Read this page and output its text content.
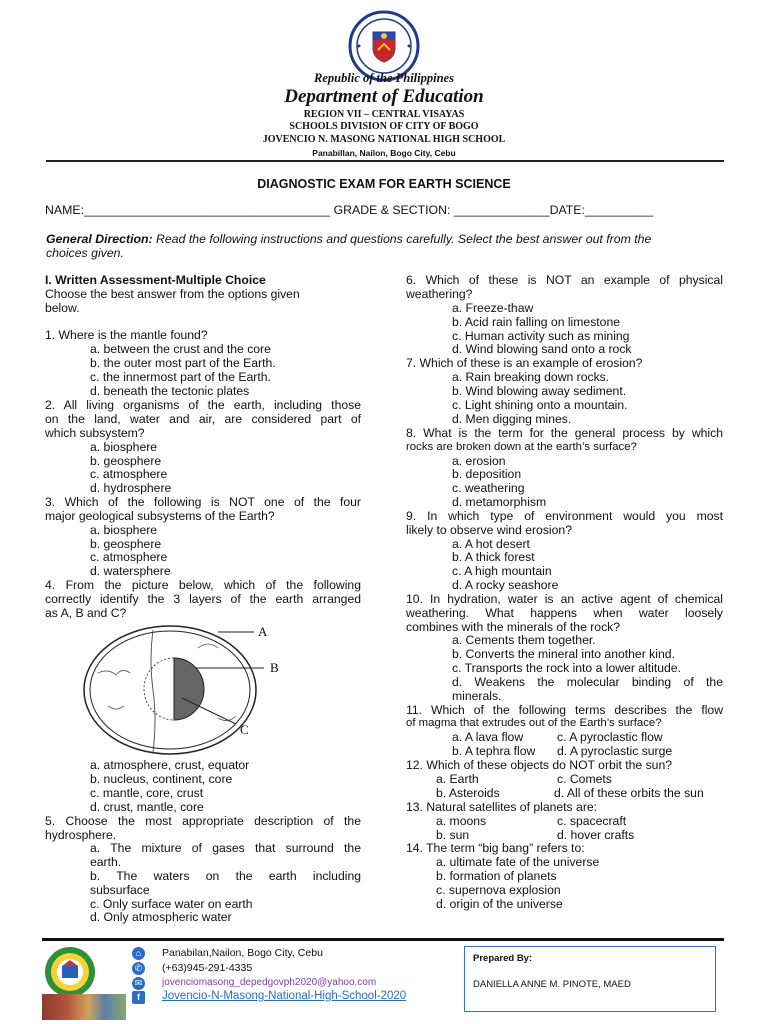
Republic of the Philippines
Department of Education
REGION VII – CENTRAL VISAYAS
SCHOOLS DIVISION OF CITY OF BOGO
JOVENCIO N. MASONG NATIONAL HIGH SCHOOL
Panabillan, Nailon, Bogo City, Cebu
DIAGNOSTIC EXAM FOR EARTH SCIENCE
NAME:____________________________________ GRADE & SECTION: ______________DATE:__________
General Direction: Read the following instructions and questions carefully. Select the best answer out from the
choices given.
I. Written Assessment-Multiple Choice
Choose the best answer from the options given
below.
1. Where is the mantle found?
a. between the crust and the core
b. the outer most part of the Earth.
c. the innermost part of the Earth.
d. beneath the tectonic plates
2. All living organisms of the earth, including those
on the land, water and air, are considered part of
which subsystem?
a. biosphere
b. geosphere
c. atmosphere
d. hydrosphere
3. Which of the following is NOT one of the four
major geological subsystems of the Earth?
a. biosphere
b. geosphere
c. atmosphere
d. watersphere
4. From the picture below, which of the following
correctly identify the 3 layers of the earth arranged
as A, B and C?
A
B
C
a. atmosphere, crust, equator
b. nucleus, continent, core
c. mantle, core, crust
d. crust, mantle, core
5. Choose the most appropriate description of the
hydrosphere.
a. The mixture of gases that surround the
earth.
b. The waters on the earth including
subsurface
c. Only surface water on earth
d. Only atmospheric water
6. Which of these is NOT an example of physical
weathering?
a. Freeze-thaw
b. Acid rain falling on limestone
c. Human activity such as mining
d. Wind blowing sand onto a rock
7. Which of these is an example of erosion?
a. Rain breaking down rocks.
b. Wind blowing away sediment.
c. Light shining onto a mountain.
d. Men digging mines.
8. What is the term for the general process by which
rocks are broken down at the earth’s surface?
a. erosion
b. deposition
c. weathering
d. metamorphism
9. In which type of environment would you most
likely to observe wind erosion?
a. A hot desert
b. A thick forest
c. A high mountain
d. A rocky seashore
10. In hydration, water is an active agent of chemical
weathering. What happens when water loosely
combines with the minerals of the rock?
a. Cements them together.
b. Converts the mineral into another kind.
c. Transports the rock into a lower altitude.
d. Weakens the molecular binding of the
minerals.
11. Which of the following terms describes the flow
of magma that extrudes out of the Earth’s surface?
a. A lava flow	c. A pyroclastic flow
b. A tephra flow d. A pyroclastic surge
12. Which of these objects do NOT orbit the sun?
a. Earth	c. Comets
b. Asteroids	d. All of these orbits the sun
13. Natural satellites of planets are:
a. moons	c. spacecraft
b. sun	d. hover crafts
14. The term “big bang” refers to:
a. ultimate fate of the universe
b. formation of planets
c. supernova explosion
d. origin of the universe
⌂
✆
✉
f
Panabilan,Nailon, Bogo City, Cebu
(+63)945-291-4335
jovenciomasong_depedgovph2020@yahoo.com
Jovencio-N-Masong-National-High-School-2020
Prepared By:
DANIELLA ANNE M. PINOTE, MAED
